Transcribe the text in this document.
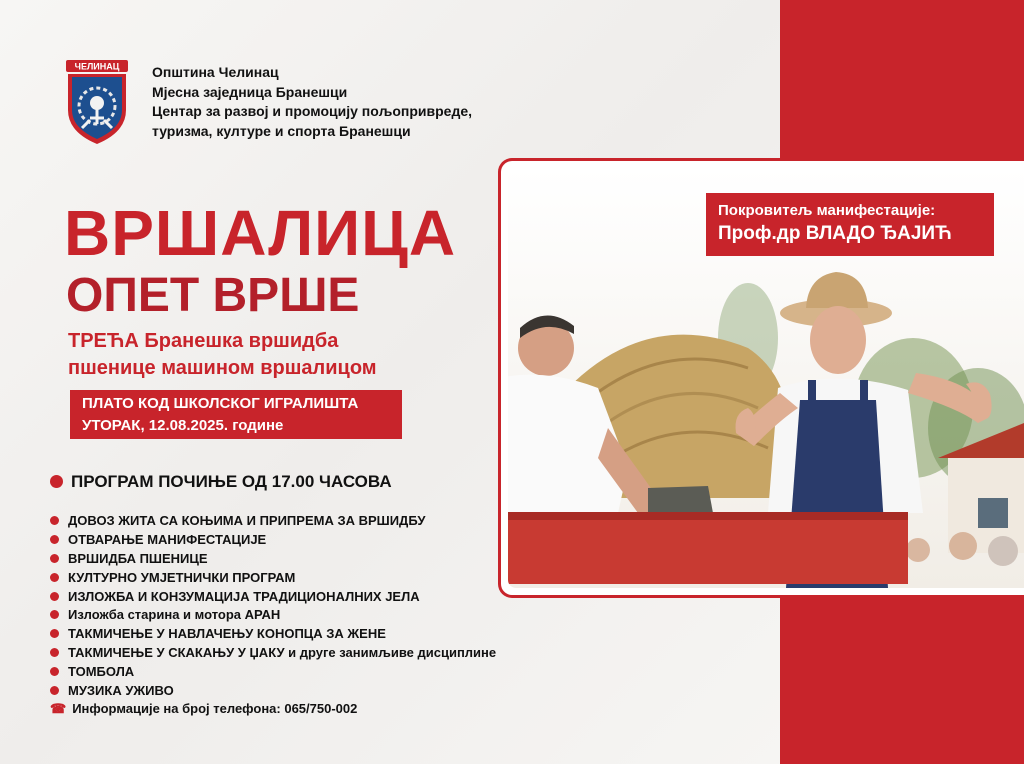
ЧЕЛИНАЦ Општина Челинац
Мјесна заједница Бранешци
Центар за развој и промоцију пољопривреде,
туризма, културе и спорта Бранешци
ВРШАЛИЦА
ОПЕТ ВРШЕ
ТРЕЋА Бранешка вршидба
пшенице машином вршалицом
ПЛАТО КОД ШКОЛСКОГ ИГРАЛИШТА
УТОРАК, 12.08.2025. године
ПРОГРАМ ПОЧИЊЕ ОД 17.00 ЧАСОВА
ДОВОЗ ЖИТА СА КОЊИМА И ПРИПРЕМА ЗА ВРШИДБУ
ОТВАРАЊЕ МАНИФЕСТАЦИЈЕ
ВРШИДБА ПШЕНИЦЕ
КУЛТУРНО УМЈЕТНИЧКИ ПРОГРАМ
ИЗЛОЖБА И КОНЗУМАЦИЈА ТРАДИЦИОНАЛНИХ ЈЕЛА
Изложба старина и мотора АРАН
ТАКМИЧЕЊЕ У НАВЛАЧЕЊУ КОНОПЦА ЗА ЖЕНЕ
ТАКМИЧЕЊЕ У СКАКАЊУ У ЏАКУ и друге занимљиве дисциплине
ТОМБОЛА
МУЗИКА УЖИВО
☎ Информације на број телефона: 065/750-002
Покровитељ манифестације:
Проф.др ВЛАДО ЂАЈИЋ
